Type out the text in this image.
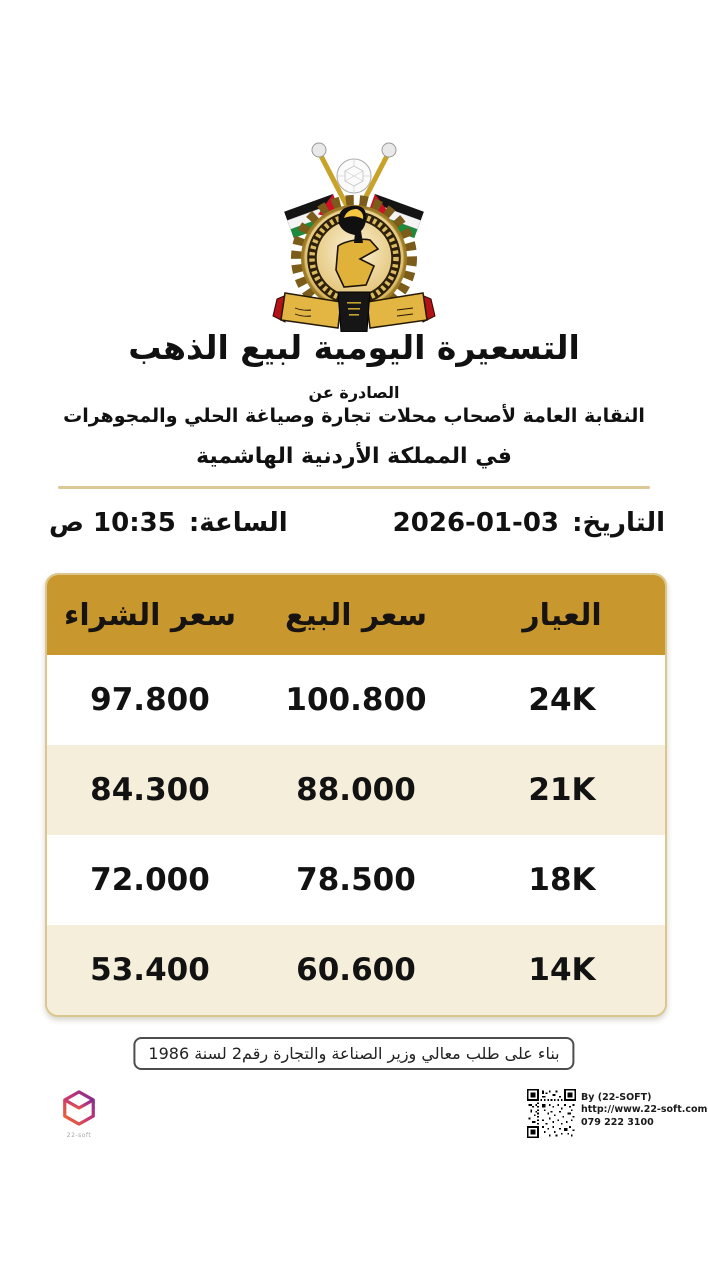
التسعيرة اليومية لبيع الذهب
الصادرة عن
النقابة العامة لأصحاب محلات تجارة وصياغة الحلي والمجوهرات
في المملكة الأردنية الهاشمية
التاريخ: 03-01-2026
الساعة: 10:35 ص
العيار
سعر البيع
سعر الشراء
24K
100.800
97.800
21K
88.000
84.300
18K
78.500
72.000
14K
60.600
53.400
بناء على طلب معالي وزير الصناعة والتجارة رقم2 لسنة 1986
By (22-SOFT)
http://www.22-soft.com
079 222 3100
22-soft
